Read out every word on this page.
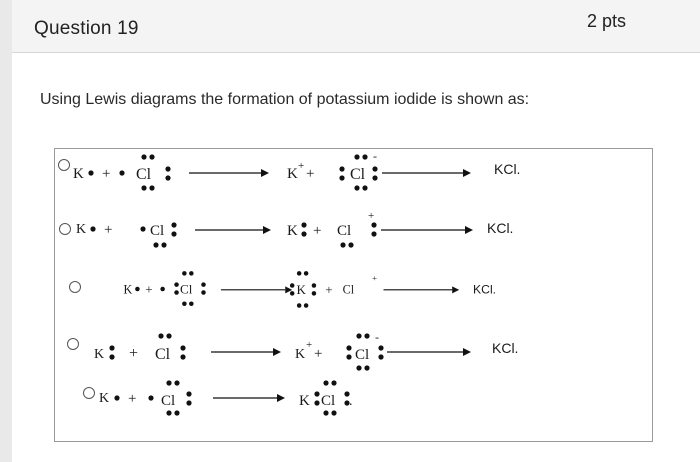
Question 19	2 pts
Using Lewis diagrams the formation of potassium iodide is shown as:
K + Cl	K + + Cl
-
KCl.
K +	Cl	K + Cl
+
KCl.
K + Cl	K + Cl
+
KCl.
K + Cl	K
+
+ Cl
-
KCl.
K + Cl	K Cl .
